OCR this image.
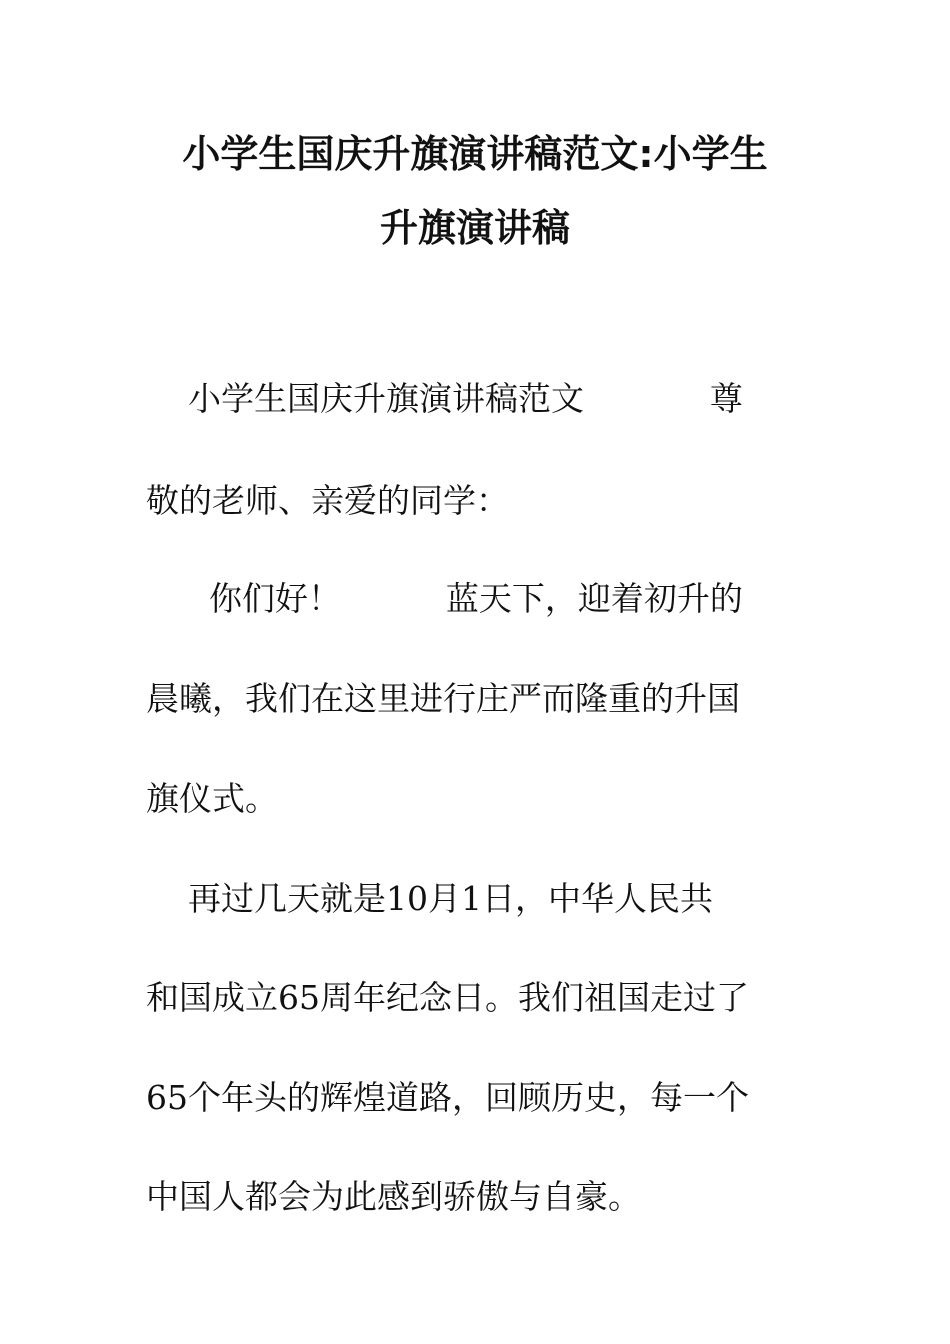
小学生国庆升旗演讲稿范文:小学生
升旗演讲稿
小学生国庆升旗演讲稿范文            尊
敬的老师、亲爱的同学：
你们好！          蓝天下，迎着初升的
晨曦，我们在这里进行庄严而隆重的升国
旗仪式。
再过几天就是10月1日，中华人民共
和国成立65周年纪念日。我们祖国走过了
65个年头的辉煌道路，回顾历史，每一个
中国人都会为此感到骄傲与自豪。
